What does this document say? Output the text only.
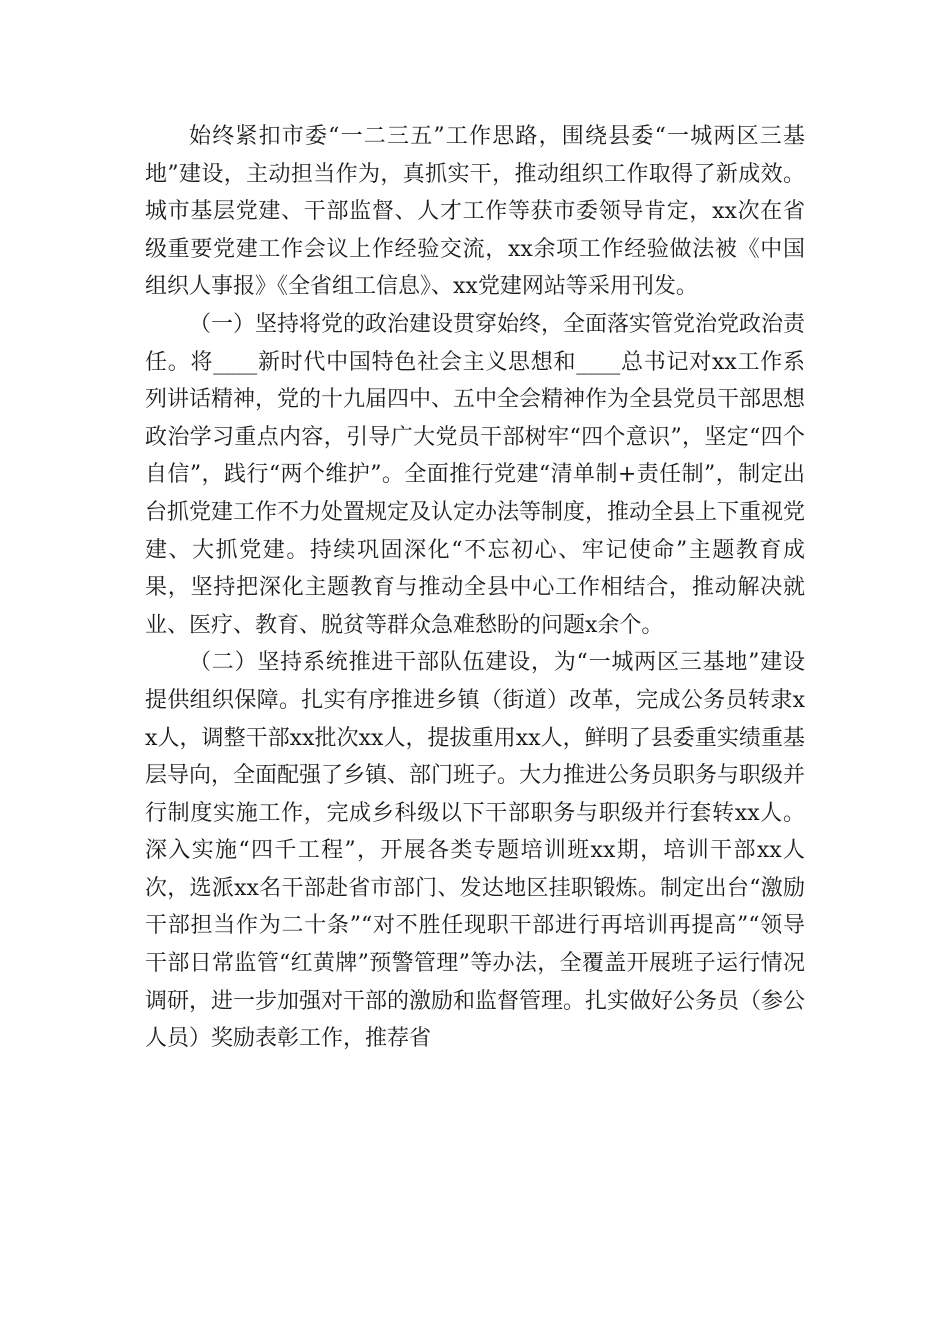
始终紧扣市委“一二三五”工作思路，围绕县委“一城两区三基地”建设，主动担当作为，真抓实干，推动组织工作取得了新成效。城市基层党建、干部监督、人才工作等获市委领导肯定，xx次在省级重要党建工作会议上作经验交流，xx余项工作经验做法被《中国组织人事报》《全省组工信息》、xx党建网站等采用刊发。

（一）坚持将党的政治建设贯穿始终，全面落实管党治党政治责任。将____新时代中国特色社会主义思想和____总书记对xx工作系列讲话精神，党的十九届四中、五中全会精神作为全县党员干部思想政治学习重点内容，引导广大党员干部树牢“四个意识”，坚定“四个自信”，践行“两个维护”。全面推行党建“清单制+责任制”，制定出台抓党建工作不力处置规定及认定办法等制度，推动全县上下重视党建、大抓党建。持续巩固深化“不忘初心、牢记使命”主题教育成果，坚持把深化主题教育与推动全县中心工作相结合，推动解决就业、医疗、教育、脱贫等群众急难愁盼的问题x余个。

（二）坚持系统推进干部队伍建设，为“一城两区三基地”建设提供组织保障。扎实有序推进乡镇（街道）改革，完成公务员转隶xx人，调整干部xx批次xx人，提拔重用xx人，鲜明了县委重实绩重基层导向，全面配强了乡镇、部门班子。大力推进公务员职务与职级并行制度实施工作，完成乡科级以下干部职务与职级并行套转xx人。深入实施“四千工程”，开展各类专题培训班xx期，培训干部xx人次，选派xx名干部赴省市部门、发达地区挂职锻炼。制定出台“激励干部担当作为二十条”“对不胜任现职干部进行再培训再提高”“领导干部日常监管“红黄牌”预警管理”等办法，全覆盖开展班子运行情况调研，进一步加强对干部的激励和监督管理。扎实做好公务员（参公人员）奖励表彰工作，推荐省
